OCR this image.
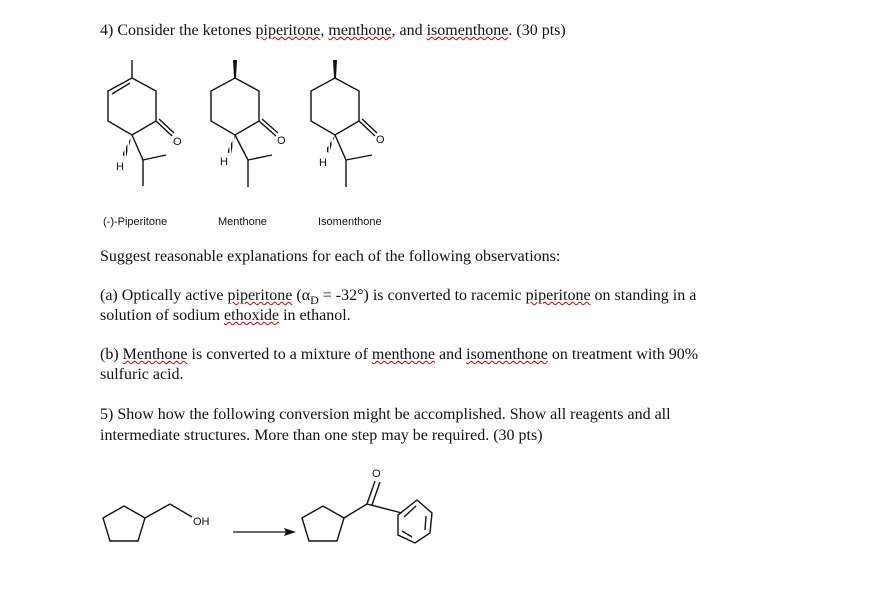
4) Consider the ketones piperitone, menthone, and isomenthone. (30 pts)
O
H
O
H
O
H
OH
O
(-)-Piperitone	Menthone	Isomenthone
Suggest reasonable explanations for each of the following observations:
(a) Optically active piperitone $(\alpha_D = -32^\circ)$ is converted to racemic piperitone on standing in a
solution of sodium ethoxide in ethanol.
(b) Menthone is converted to a mixture of menthone and isomenthone on treatment with 90%
sulfuric acid.
5) Show how the following conversion might be accomplished. Show all reagents and all
intermediate structures. More than one step may be required. (30 pts)
